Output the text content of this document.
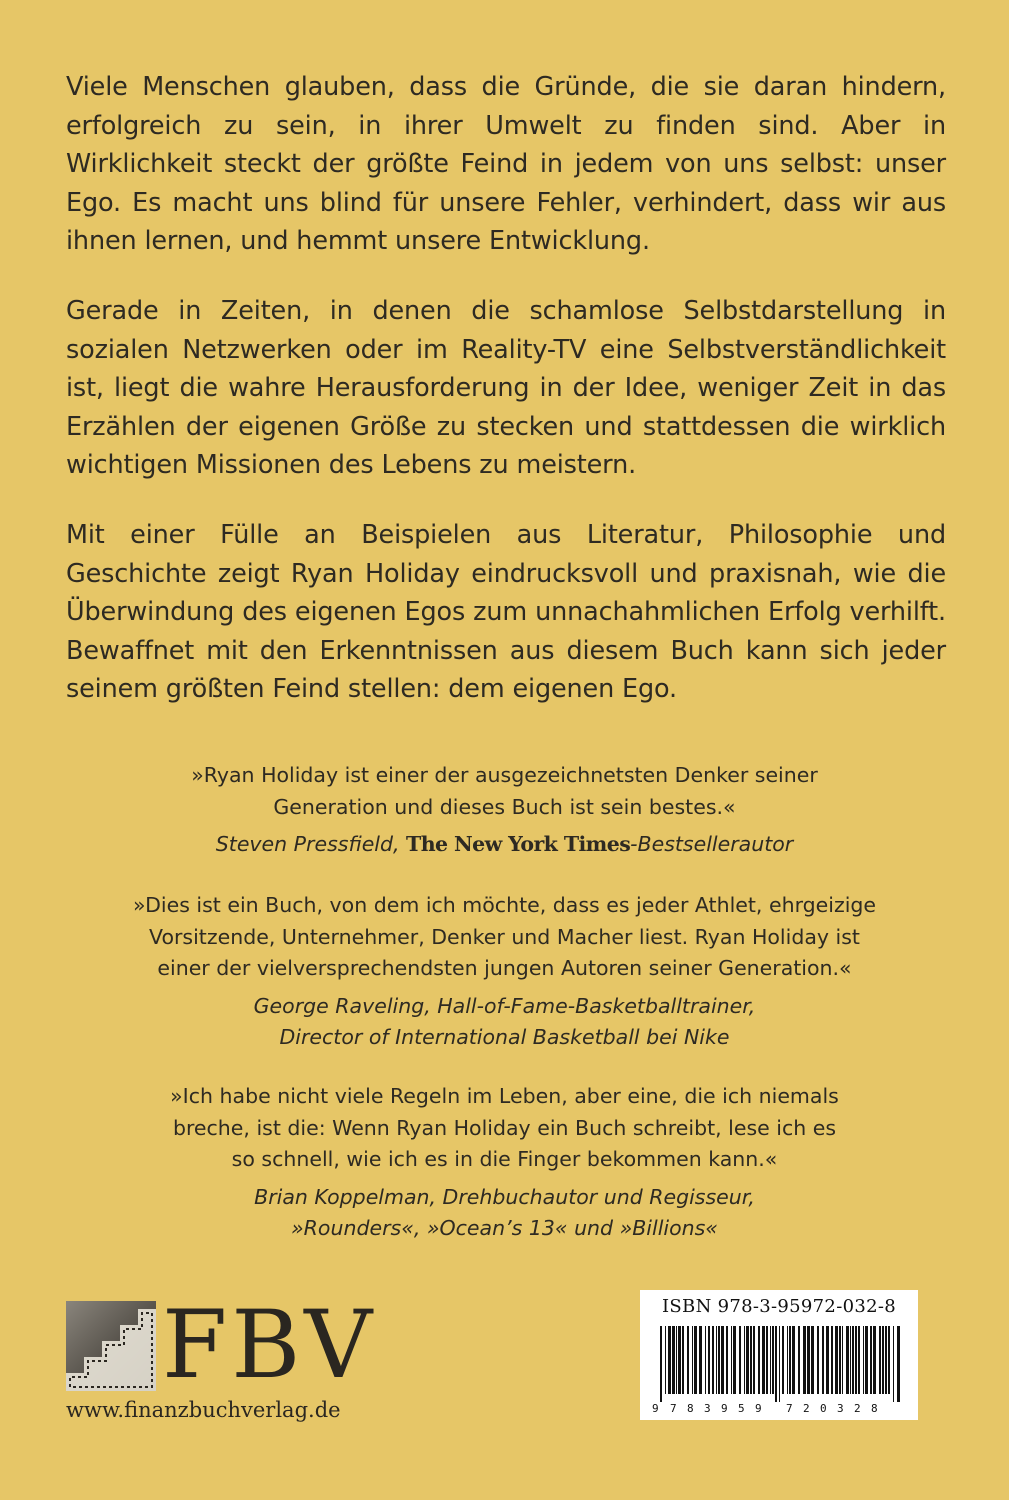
Viele Menschen glauben, dass die Gründe, die sie daran hindern, erfolgreich zu sein, in ihrer Umwelt zu finden sind. Aber in Wirklichkeit steckt der größte Feind in jedem von uns selbst: unser Ego. Es macht uns blind für unsere Fehler, verhindert, dass wir aus ihnen lernen, und hemmt unsere Entwicklung.

Gerade in Zeiten, in denen die schamlose Selbstdarstellung in sozialen Netzwerken oder im Reality-TV eine Selbstverständlichkeit ist, liegt die wahre Herausforderung in der Idee, weniger Zeit in das Erzählen der eigenen Größe zu stecken und stattdessen die wirklich wichtigen Missionen des Lebens zu meistern.

Mit einer Fülle an Beispielen aus Literatur, Philosophie und Geschichte zeigt Ryan Holiday eindrucksvoll und praxisnah, wie die Überwindung des eigenen Egos zum unnachahmlichen Erfolg verhilft. Bewaffnet mit den Erkenntnissen aus diesem Buch kann sich jeder seinem größten Feind stellen: dem eigenen Ego.

»Ryan Holiday ist einer der ausgezeichnetsten Denker seiner
Generation und dieses Buch ist sein bestes.«

Steven Pressfield, The New York Times-Bestsellerautor

»Dies ist ein Buch, von dem ich möchte, dass es jeder Athlet, ehrgeizige
Vorsitzende, Unternehmer, Denker und Macher liest. Ryan Holiday ist
einer der vielversprechendsten jungen Autoren seiner Generation.«

George Raveling, Hall-of-Fame-Basketballtrainer,
Director of International Basketball bei Nike

»Ich habe nicht viele Regeln im Leben, aber eine, die ich niemals
breche, ist die: Wenn Ryan Holiday ein Buch schreibt, lese ich es
so schnell, wie ich es in die Finger bekommen kann.«

Brian Koppelman, Drehbuchautor und Regisseur,
»Rounders«, »Ocean’s 13« und »Billions«

FBV

www.finanzbuchverlag.de

ISBN 978-3-95972-032-8
9 7 8 3 9 5 9 7 2 0 3 2 8
